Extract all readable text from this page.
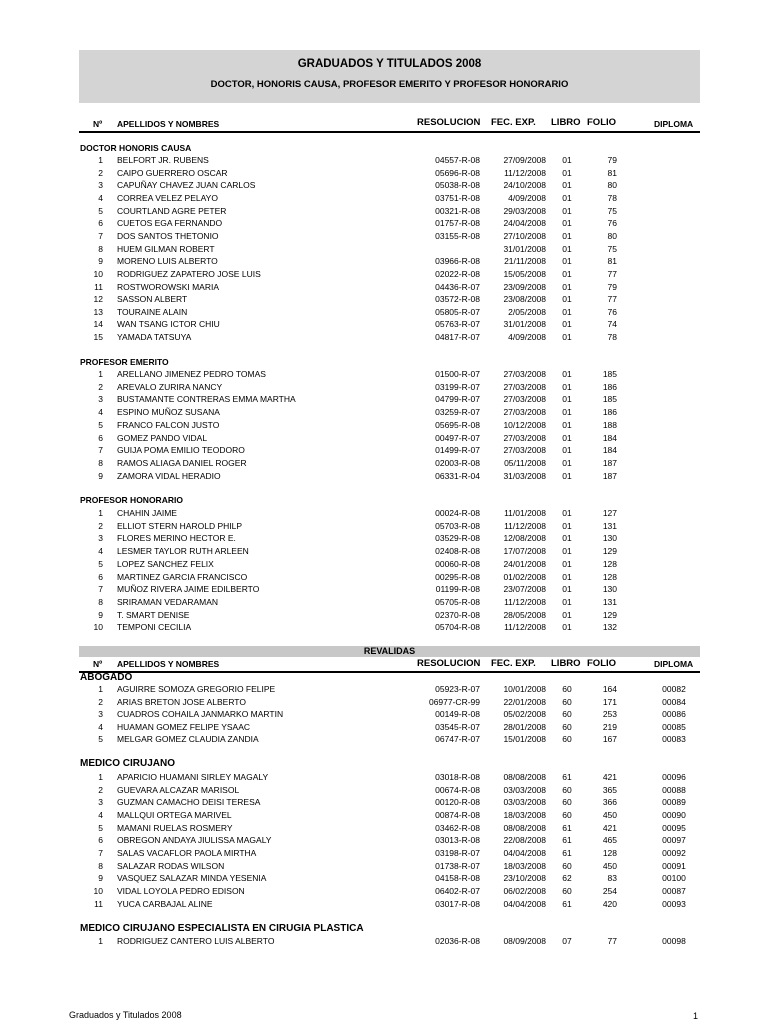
GRADUADOS Y TITULADOS 2008
DOCTOR, HONORIS CAUSA, PROFESOR EMERITO Y PROFESOR HONORARIO
Nº APELLIDOS Y NOMBRES	RESOLUCION FEC. EXP. LIBRO FOLIO	DIPLOMA
REVALIDAS
Nº APELLIDOS Y NOMBRES	RESOLUCION FEC. EXP. LIBRO FOLIO	DIPLOMA
DOCTOR HONORIS CAUSA
1 BELFORT JR. RUBENS	04557-R-08	27/09/2008	01	79
2 CAIPO GUERRERO OSCAR	05696-R-08	11/12/2008	01	81
3 CAPUÑAY CHAVEZ JUAN CARLOS	05038-R-08	24/10/2008	01	80
4 CORREA VELEZ PELAYO	03751-R-08	4/09/2008	01	78
5 COURTLAND AGRE PETER	00321-R-08	29/03/2008	01	75
6 CUETOS EGA FERNANDO	01757-R-08	24/04/2008	01	76
7 DOS SANTOS THETONIO	03155-R-08	27/10/2008	01	80
8 HUEM GILMAN ROBERT	31/01/2008	01	75
9 MORENO LUIS ALBERTO	03966-R-08	21/11/2008	01	81
10 RODRIGUEZ ZAPATERO JOSE LUIS	02022-R-08	15/05/2008	01	77
11 ROSTWOROWSKI MARIA	04436-R-07	23/09/2008	01	79
12 SASSON ALBERT	03572-R-08	23/08/2008	01	77
13 TOURAINE ALAIN	05805-R-07	2/05/2008	01	76
14 WAN TSANG ICTOR CHIU	05763-R-07	31/01/2008	01	74
15 YAMADA TATSUYA	04817-R-07	4/09/2008	01	78
PROFESOR EMERITO
1 ARELLANO JIMENEZ PEDRO TOMAS	01500-R-07	27/03/2008	01	185
2 AREVALO ZURIRA NANCY	03199-R-07	27/03/2008	01	186
3 BUSTAMANTE CONTRERAS EMMA MARTHA	04799-R-07	27/03/2008	01	185
4 ESPINO MUÑOZ SUSANA	03259-R-07	27/03/2008	01	186
5 FRANCO FALCON JUSTO	05695-R-08	10/12/2008	01	188
6 GOMEZ PANDO VIDAL	00497-R-07	27/03/2008	01	184
7 GUIJA POMA EMILIO TEODORO	01499-R-07	27/03/2008	01	184
8 RAMOS ALIAGA DANIEL ROGER	02003-R-08	05/11/2008	01	187
9 ZAMORA VIDAL HERADIO	06331-R-04	31/03/2008	01	187
PROFESOR HONORARIO
1 CHAHIN JAIME	00024-R-08	11/01/2008	01	127
2 ELLIOT STERN HAROLD PHILP	05703-R-08	11/12/2008	01	131
3 FLORES MERINO HECTOR E.	03529-R-08	12/08/2008	01	130
4 LESMER TAYLOR RUTH ARLEEN	02408-R-08	17/07/2008	01	129
5 LOPEZ SANCHEZ FELIX	00060-R-08	24/01/2008	01	128
6 MARTINEZ GARCIA FRANCISCO	00295-R-08	01/02/2008	01	128
7 MUÑOZ RIVERA JAIME EDILBERTO	01199-R-08	23/07/2008	01	130
8 SRIRAMAN VEDARAMAN	05705-R-08	11/12/2008	01	131
9 T. SMART DENISE	02370-R-08	28/05/2008	01	129
10 TEMPONI CECILIA	05704-R-08	11/12/2008	01	132
ABOGADO
1 AGUIRRE SOMOZA GREGORIO FELIPE	05923-R-07	10/01/2008	60	164	00082
2 ARIAS BRETON JOSE ALBERTO	06977-CR-99	22/01/2008	60	171	00084
3 CUADROS COHAILA JANMARKO MARTIN	00149-R-08	05/02/2008	60	253	00086
4 HUAMAN GOMEZ FELIPE YSAAC	03545-R-07	28/01/2008	60	219	00085
5 MELGAR GOMEZ CLAUDIA ZANDIA	06747-R-07	15/01/2008	60	167	00083
MEDICO CIRUJANO
1 APARICIO HUAMANI SIRLEY MAGALY	03018-R-08	08/08/2008	61	421	00096
2 GUEVARA ALCAZAR MARISOL	00674-R-08	03/03/2008	60	365	00088
3 GUZMAN CAMACHO DEISI TERESA	00120-R-08	03/03/2008	60	366	00089
4 MALLQUI ORTEGA MARIVEL	00874-R-08	18/03/2008	60	450	00090
5 MAMANI RUELAS ROSMERY	03462-R-08	08/08/2008	61	421	00095
6 OBREGON ANDAYA JIULISSA MAGALY	03013-R-08	22/08/2008	61	465	00097
7 SALAS VACAFLOR PAOLA MIRTHA	03198-R-07	04/04/2008	61	128	00092
8 SALAZAR RODAS WILSON	01738-R-07	18/03/2008	60	450	00091
9 VASQUEZ SALAZAR MINDA YESENIA	04158-R-08	23/10/2008	62	83	00100
10 VIDAL LOYOLA PEDRO EDISON	06402-R-07	06/02/2008	60	254	00087
11 YUCA CARBAJAL ALINE	03017-R-08	04/04/2008	61	420	00093
MEDICO CIRUJANO ESPECIALISTA EN CIRUGIA PLASTICA
1 RODRIGUEZ CANTERO LUIS ALBERTO	02036-R-08	08/09/2008	07	77	00098
Graduados y Titulados 2008	1
